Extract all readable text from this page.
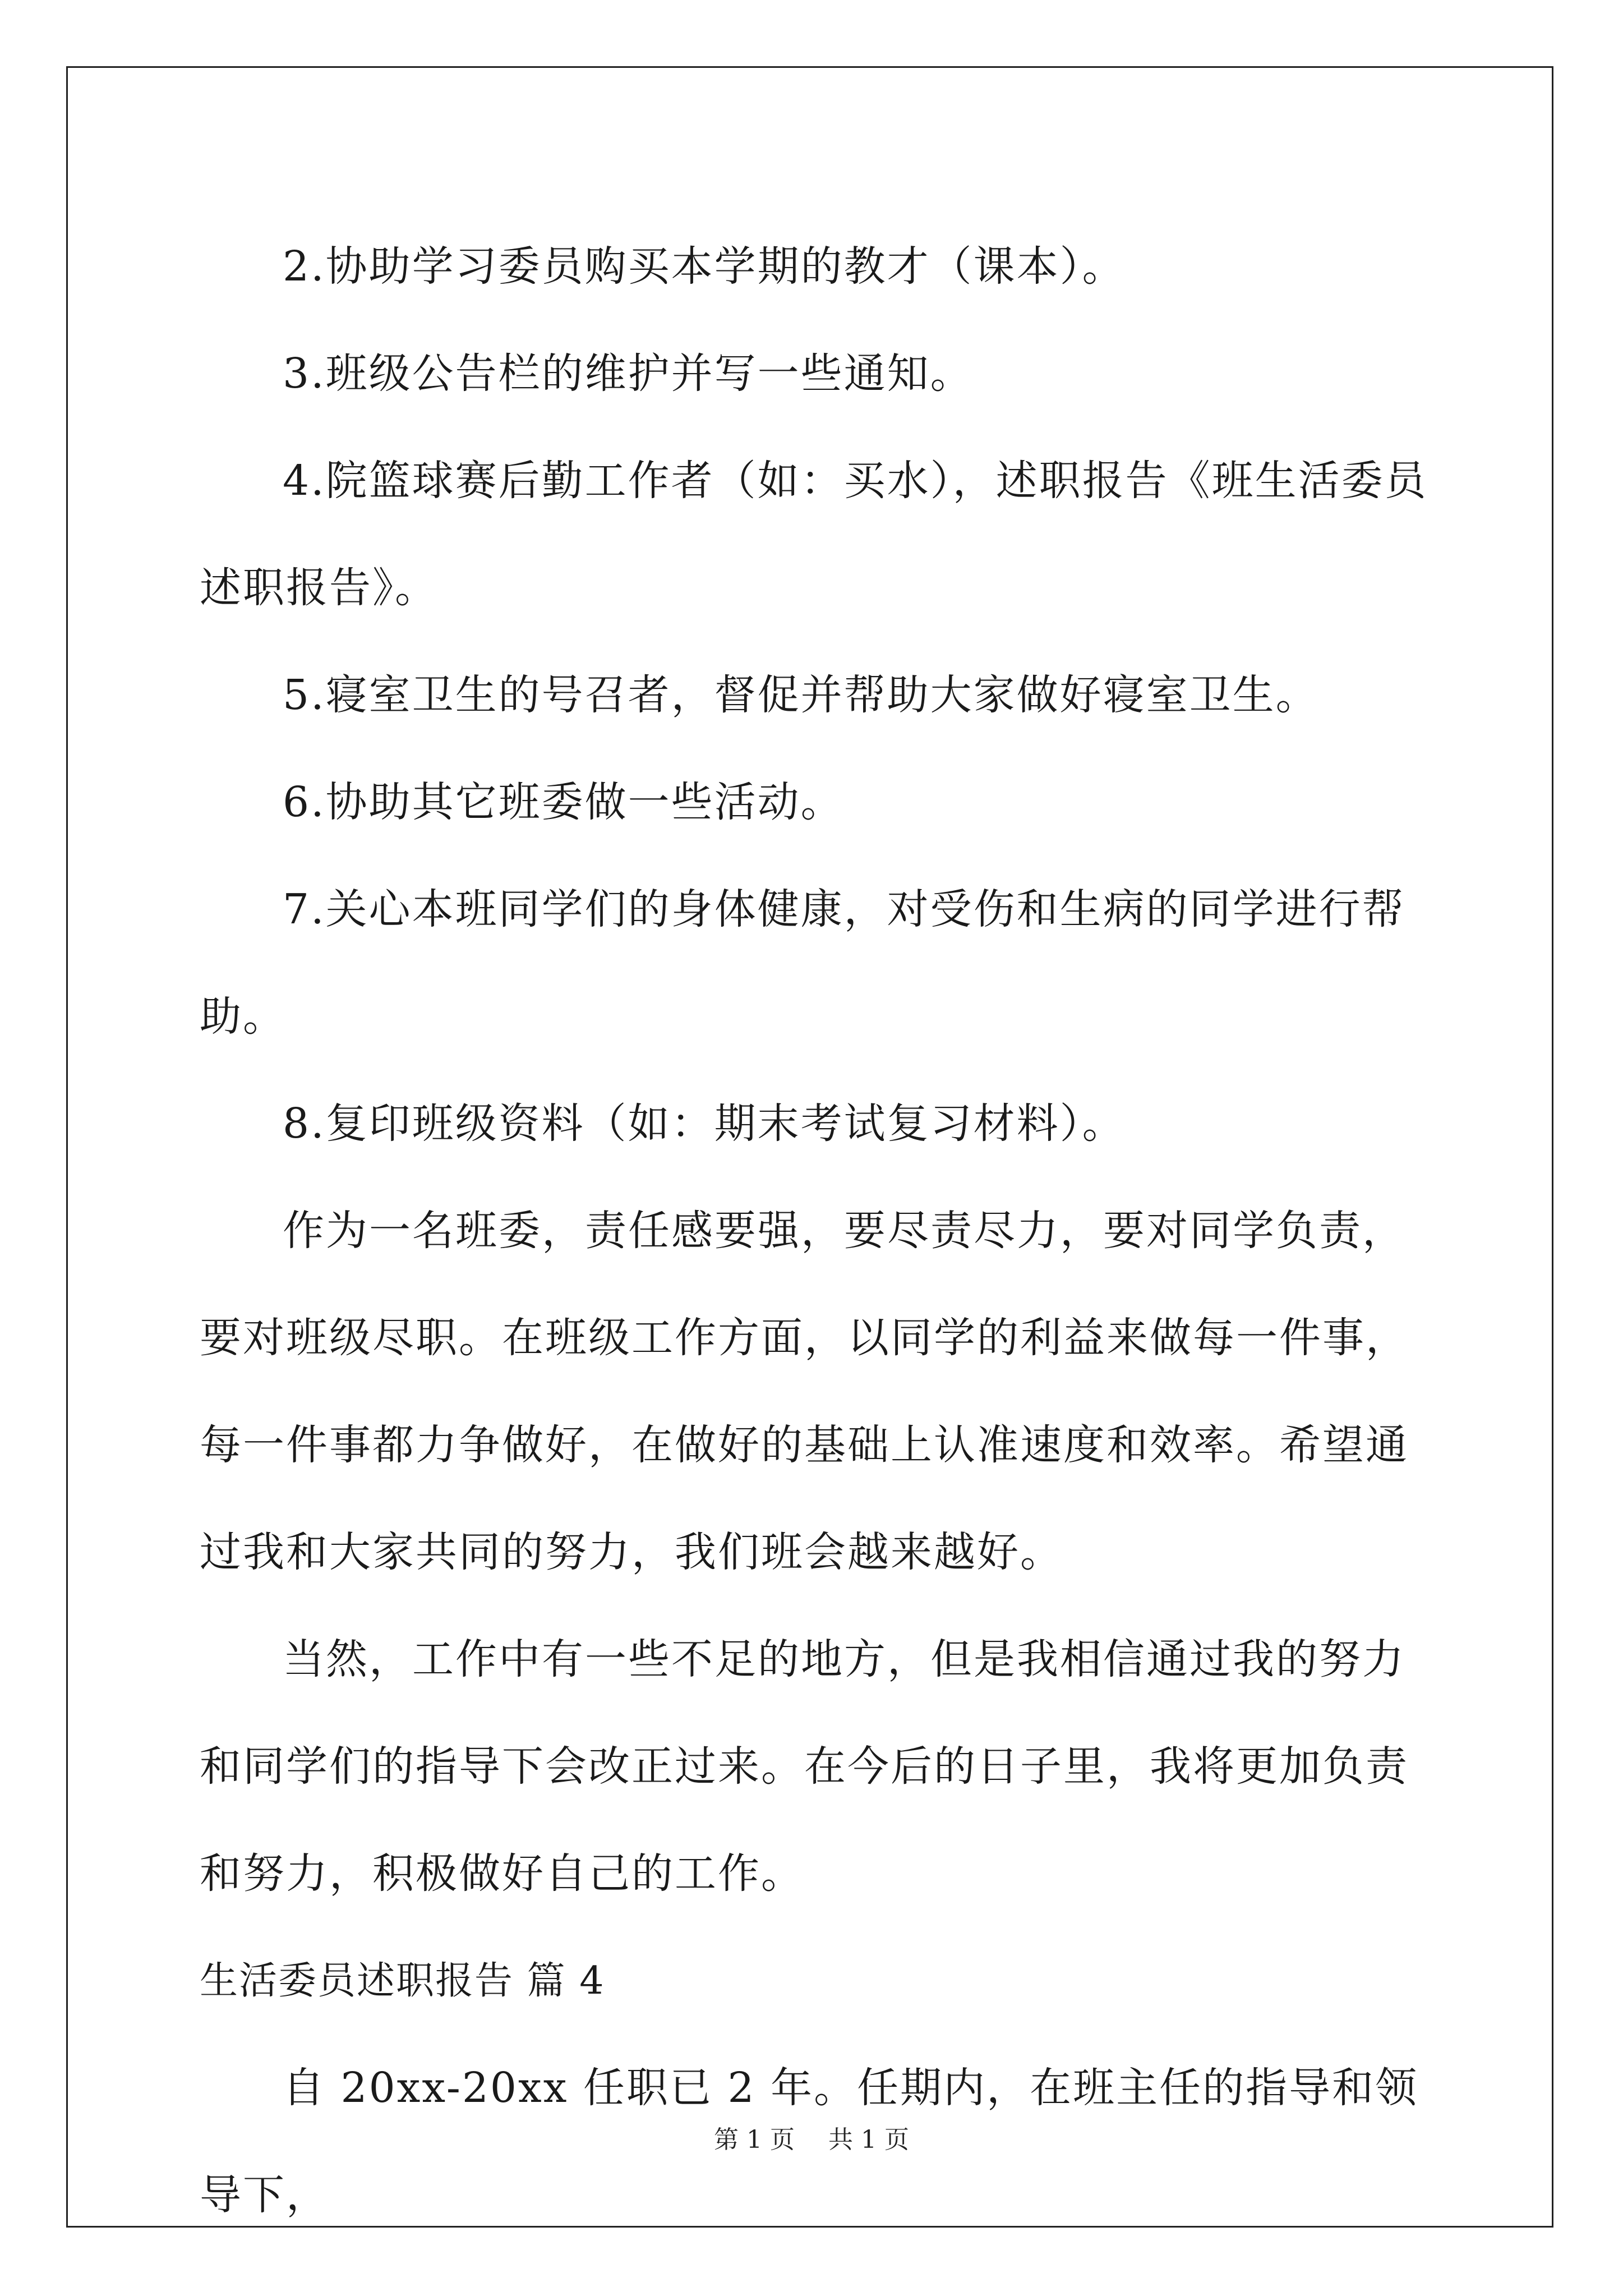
2.协助学习委员购买本学期的教才（课本）。

3.班级公告栏的维护并写一些通知。

4.院篮球赛后勤工作者（如：买水），述职报告《班生活委员述职报告》。

5.寝室卫生的号召者，督促并帮助大家做好寝室卫生。

6.协助其它班委做一些活动。

7.关心本班同学们的身体健康，对受伤和生病的同学进行帮助。

8.复印班级资料（如：期末考试复习材料）。

作为一名班委，责任感要强，要尽责尽力，要对同学负责，要对班级尽职。在班级工作方面，以同学的利益来做每一件事，每一件事都力争做好，在做好的基础上认准速度和效率。希望通过我和大家共同的努力，我们班会越来越好。

当然，工作中有一些不足的地方，但是我相信通过我的努力和同学们的指导下会改正过来。在今后的日子里，我将更加负责和努力，积极做好自己的工作。

生活委员述职报告 篇 4

自 20xx-20xx 任职已 2 年。任期内，在班主任的指导和领导下，

第 1 页 共 1 页
